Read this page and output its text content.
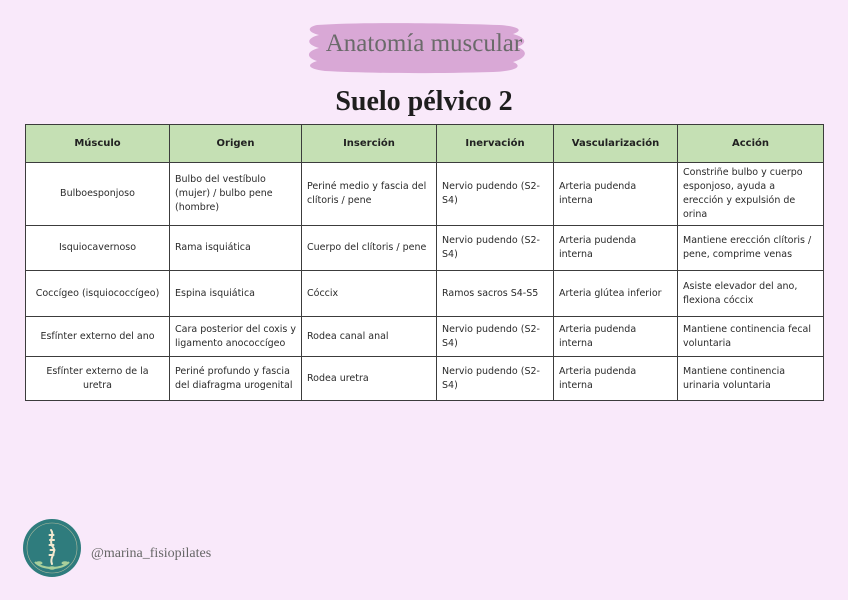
Anatomía muscular
Suelo pélvico 2
Músculo	Origen	Inserción	Inervación	Vascularización	Acción
Bulboesponjoso	Bulbo del vestíbulo (mujer) / bulbo pene (hombre)	Periné medio y fascia del clítoris / pene	Nervio pudendo (S2-S4)	Arteria pudenda interna	Constriñe bulbo y cuerpo esponjoso, ayuda a erección y expulsión de orina
Isquiocavernoso	Rama isquiática	Cuerpo del clítoris / pene	Nervio pudendo (S2-S4)	Arteria pudenda interna	Mantiene erección clítoris / pene, comprime venas
Coccígeo (isquiococcígeo)	Espina isquiática	Cóccix	Ramos sacros S4-S5	Arteria glútea inferior	Asiste elevador del ano, flexiona cóccix
Esfínter externo del ano	Cara posterior del coxis y ligamento anococcígeo	Rodea canal anal	Nervio pudendo (S2-S4)	Arteria pudenda interna	Mantiene continencia fecal voluntaria
Esfínter externo de la uretra	Periné profundo y fascia del diafragma urogenital	Rodea uretra	Nervio pudendo (S2-S4)	Arteria pudenda interna	Mantiene continencia urinaria voluntaria
@marina_fisiopilates
